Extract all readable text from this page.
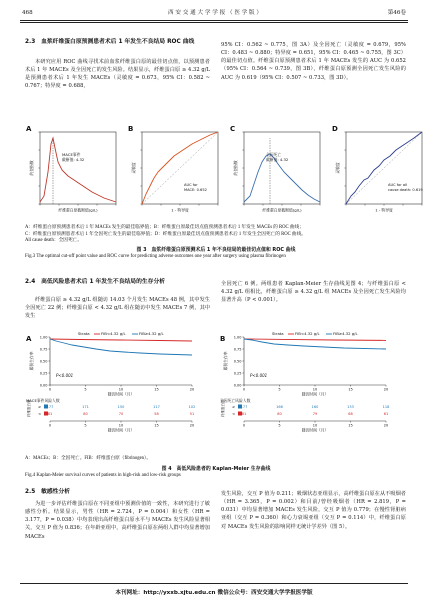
468	西 安 交 通 大 学 学 报 （ 医 学 版 ）	第46卷
2.3　血浆纤维蛋白原预测患者术后 1 年发生不良结局 ROC 曲线
本研究应用 ROC 曲线寻找术前血浆纤维蛋白原的最佳切点值，以预测患者术后 1 年 MACEs 及全因死亡的发生风险。结果显示，纤维蛋白原 ≥ 4.32 g/L 是预测患者术后 1 年发生 MACEs（灵敏度 = 0.673，95% CI：0.582 ~ 0.767；特异度 = 0.688，
95% CI：0.562 ~ 0.775，图 3A）及全因死亡（灵敏度 = 0.679，95% CI：0.483 ~ 0.880；特异度 = 0.651，95% CI：0.465 ~ 0.755，图 3C）的最佳切点值。纤维蛋白原预测患者术后 1 年 MACEs 发生的 AUC 为 0.652（95% CI：0.564 ~ 0.739，图 3B），纤维蛋白原预测全因死亡发生风险的 AUC 为 0.619（95% CI：0.507 ~ 0.733，图 3D）。
A
MACE事件
截断值: 4.32
约登指数
纤维蛋白原截断值(g/L)
B
AUC for
MACE: 0.652
灵敏度
1 - 特异度
C
全因死亡
截断值: 4.32
约登指数
纤维蛋白原截断值(g/L)
D
AUC for all
cause death: 0.619
灵敏度
1 - 特异度
A：纤维蛋白原预测患者术后 1 年 MACEs 发生的最佳临界值；B：纤维蛋白原最佳切点值预测患者术后 1 年发生 MACEs 的 ROC 曲线；
C：纤维蛋白原预测患者术后 1 年全因死亡发生的最佳临界值；D：纤维蛋白原最佳切点值预测患者术后 1 年发生全因死亡的 ROC 曲线。
All cause death：全因死亡。
图 3　血浆纤维蛋白原预测术后 1 年不良结局的最佳切点值和 ROC 曲线
Fig.3 The optimal cut-off point value and ROC curve for predicting adverse outcomes one year after surgery using plasma fibrinogen
2.4　高低风险患者术后 1 年发生不良结局的生存分析
纤维蛋白原 ≥ 4.32 g/L 组随访 14.03 个月发生 MACEs 48 例，其中发生全因死亡 22 例；纤维蛋白原 < 4.32 g/L 组在随访中发生 MACEs 7 例，其中发生
全因死亡 6 例。两组患者 Kaplan-Meier 生存曲线见图 4；与纤维蛋白原 < 4.32 g/L 组相比，纤维蛋白原 ≥ 4.32 g/L 组 MACEs 及全因死亡发生风险均显著升高（P < 0.001）。
A
Strata	FIB<4.32 g/L	FIB≥4.32 g/L
0.00
0.25
0.50
0.75
1.00
0	5	10	15	20
累积生存率
随访时间（月）
P<0.001
MACE事件风险人数
纤维蛋白原 ≥ 177	171	150	117	102
< 81	80	70	58	51
0	5	10	15	20
随访时间（月）
B
Strata	FIB<4.32 g/L	FIB≥4.32 g/L
0.00
0.25
0.50
0.75
1.00
0	5	10	15	20
累积生存率
随访时间（月）
P<0.001
全因死亡风险人数
纤维蛋白原 ≥ 177	166	160	133	118
< 81	80	79	68	61
0	5	10	15	20
随访时间（月）
A：MACEs；B：全因死亡。FIB：纤维蛋白原（fibrinogen）。
图 4　高低风险患者的 Kaplan-Meier 生存曲线
Fig.4 Kaplan-Meier survival curves of patients in high-risk and low-risk groups
2.5　敏感性分析
为进一步评估纤维蛋白原在不同亚组中预测价值的一致性，本研究进行了敏感性分析。结果显示，男性（HR = 2.724，P = 0.004）和女性（HR = 3.177，P = 0.038）中均表现出高纤维蛋白原水平与 MACEs 发生风险显著相关，交互 P 值为 0.836；在年龄亚组中，高纤维蛋白原在两组人群中均显著增加 MACEs
发生风险，交互 P 值为 0.211；吸烟状态亚组显示，高纤维蛋白原在从不吸烟者（HR = 3.365，P = 0.002）和目前/曾经吸烟者（HR = 2.819，P = 0.031）中均显著增加 MACEs 发生风险，交互 P 值为 0.779；在慢性肾脏病亚组（交互 P = 0.360）和心力衰竭亚组（交互 P = 0.114）中，纤维蛋白原对 MACEs 发生风险的影响同样无统计学差异（图 5）。
本刊网址：http://yxxb.xjtu.edu.cn 微信公众号：西安交通大学学报医学版
